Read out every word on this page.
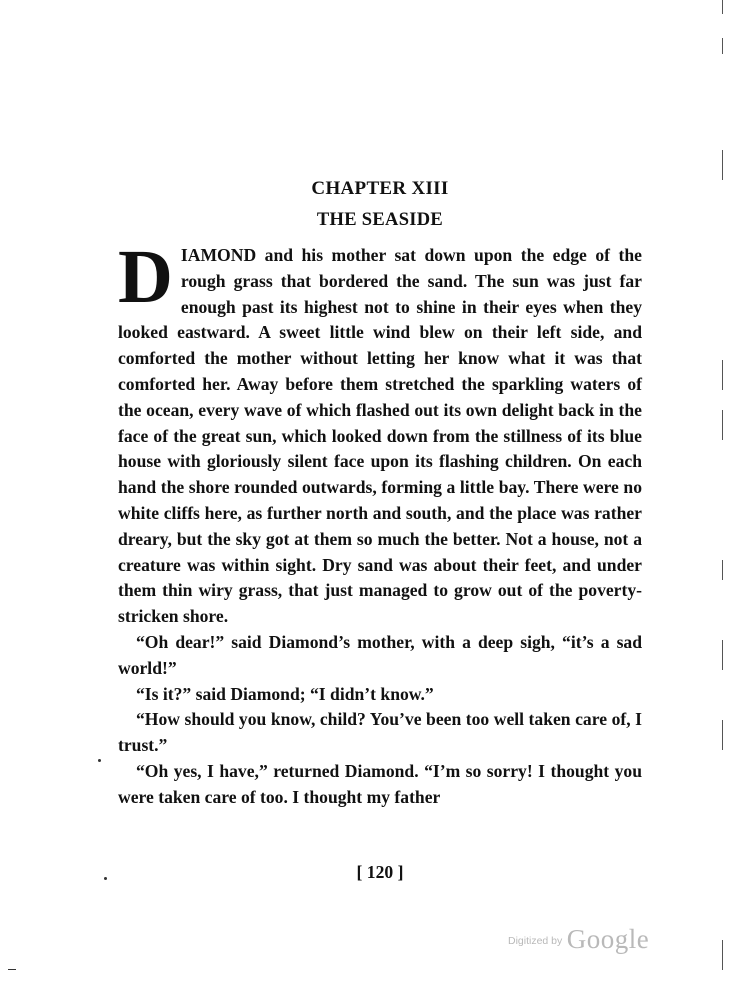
CHAPTER XIII
THE SEASIDE

DIAMOND and his mother sat down upon the edge of the rough grass that bordered the sand. The sun was just far enough past its highest not to shine in their eyes when they looked eastward. A sweet little wind blew on their left side, and comforted the mother without letting her know what it was that comforted her. Away before them stretched the sparkling waters of the ocean, every wave of which flashed out its own delight back in the face of the great sun, which looked down from the stillness of its blue house with gloriously silent face upon its flashing children. On each hand the shore rounded outwards, forming a little bay. There were no white cliffs here, as further north and south, and the place was rather dreary, but the sky got at them so much the better. Not a house, not a creature was within sight. Dry sand was about their feet, and under them thin wiry grass, that just managed to grow out of the poverty-stricken shore.

“Oh dear!” said Diamond’s mother, with a deep sigh, “it’s a sad world!”

“Is it?” said Diamond; “I didn’t know.”

“How should you know, child? You’ve been too well taken care of, I trust.”

“Oh yes, I have,” returned Diamond. “I’m so sorry! I thought you were taken care of too. I thought my father

[ 120 ]
$^{Digitized by}$ Google
